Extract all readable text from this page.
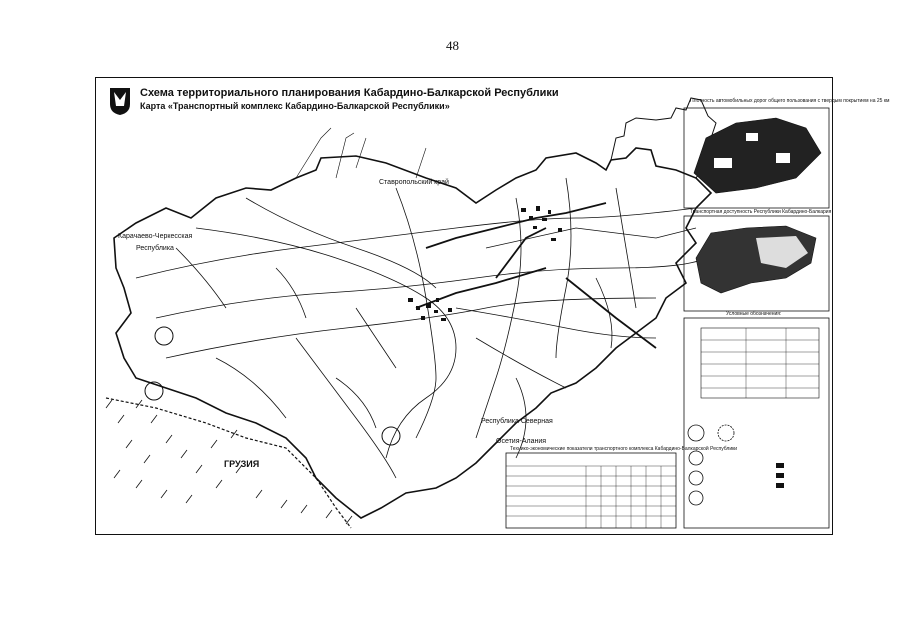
48
Схема территориального планирования Кабардино-Балкарской Республики
Карта «Транспортный комплекс Кабардино-Балкарской Республики»
Ставропольский край
Карачаево-Черкесская
Республика
Республика Северная
Осетия-Алания
ГРУЗИЯ
Плотность автомобильных дорог общего пользования с твердым покрытием на 25 км
Транспортная доступность Республики Кабардино-Балкария
Условные обозначения:
Технико-экономические показатели транспортного комплекса Кабардино-Балкарской Республики
